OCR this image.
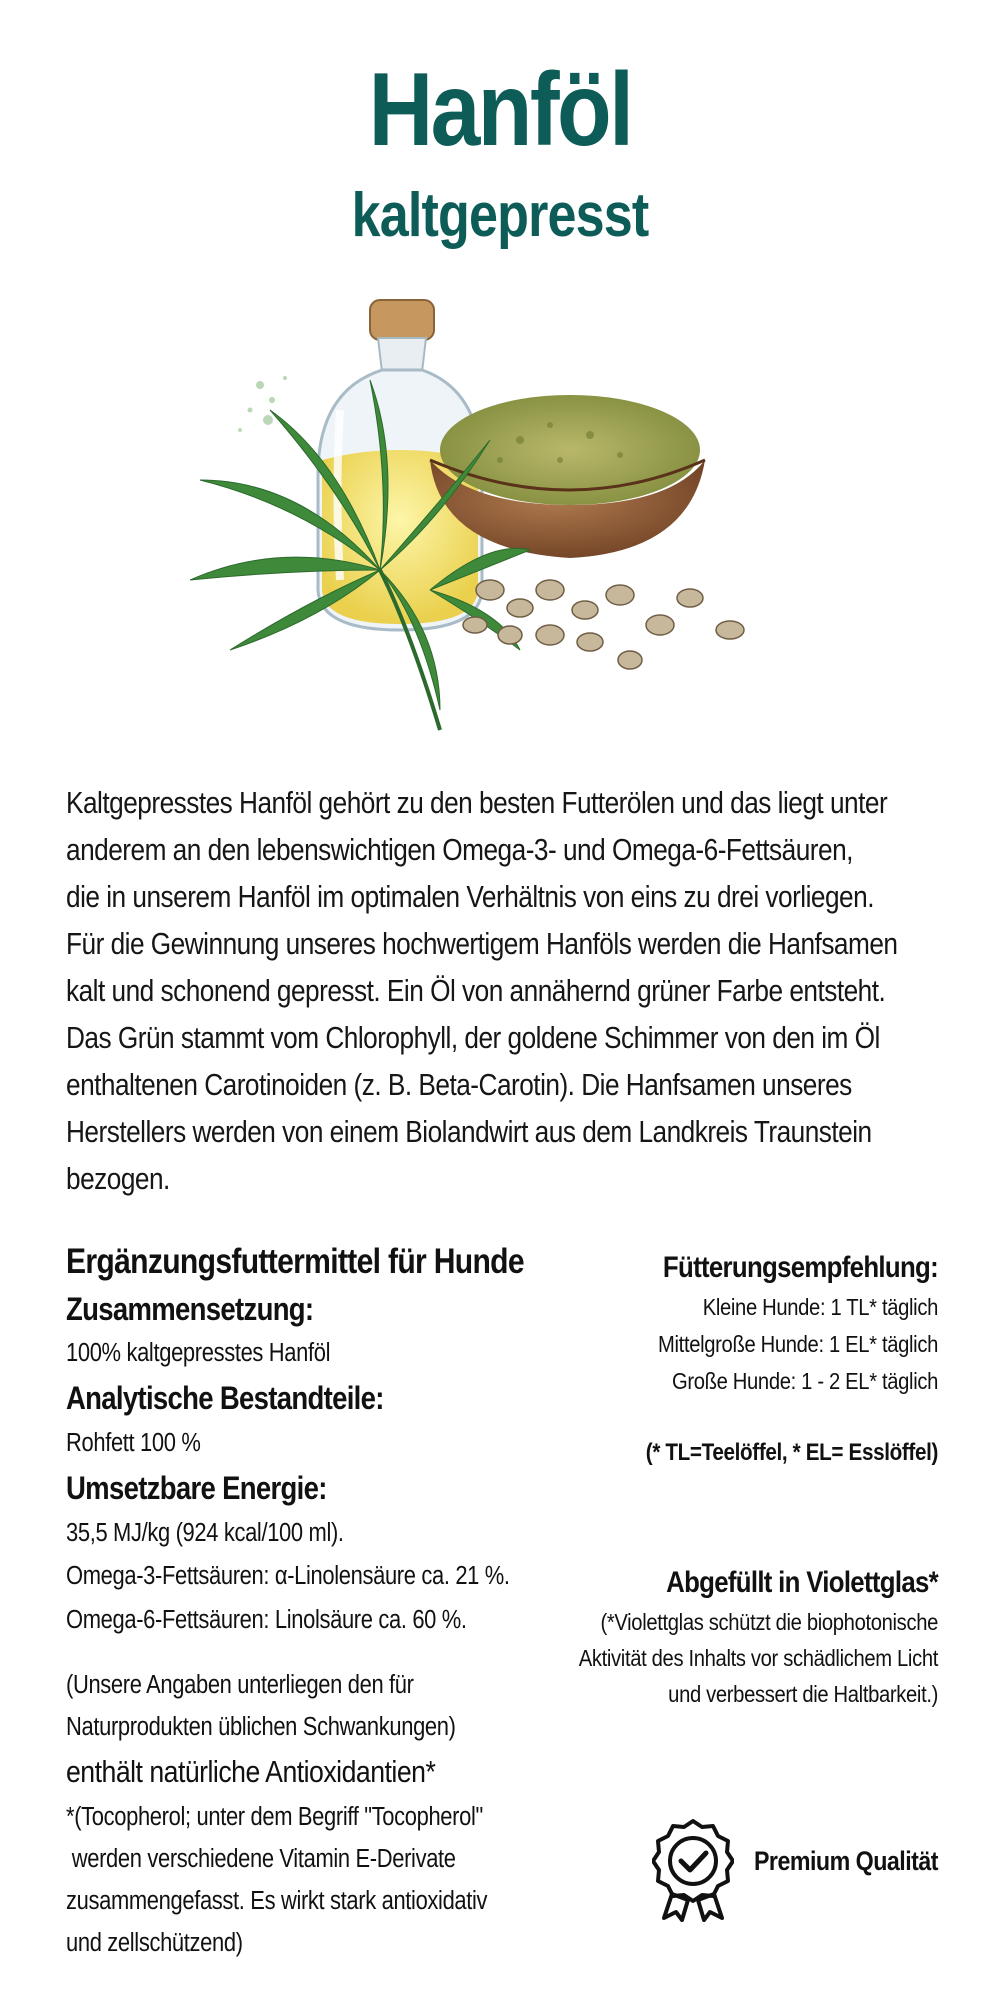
Hanföl
kaltgepresst

Kaltgepresstes Hanföl gehört zu den besten Futterölen und das liegt unter

anderem an den lebenswichtigen Omega-3- und Omega-6-Fettsäuren,

die in unserem Hanföl im optimalen Verhältnis von eins zu drei vorliegen.

Für die Gewinnung unseres hochwertigem Hanföls werden die Hanfsamen

kalt und schonend gepresst. Ein Öl von annähernd grüner Farbe entsteht.

Das Grün stammt vom Chlorophyll, der goldene Schimmer von den im Öl

enthaltenen Carotinoiden (z. B. Beta-Carotin). Die Hanfsamen unseres

Herstellers werden von einem Biolandwirt aus dem Landkreis Traunstein

bezogen.

Ergänzungsfuttermittel für Hunde
Zusammensetzung:
100% kaltgepresstes Hanföl
Analytische Bestandteile:
Rohfett 100 %
Umsetzbare Energie:
35,5 MJ/kg (924 kcal/100 ml).
Omega-3-Fettsäuren: α-Linolensäure ca. 21 %.
Omega-6-Fettsäuren: Linolsäure ca. 60 %.
(Unsere Angaben unterliegen den für
Naturprodukten üblichen Schwankungen)
enthält natürliche Antioxidantien*
*(Tocopherol; unter dem Begriff "Tocopherol"
werden verschiedene Vitamin E-Derivate
zusammengefasst. Es wirkt stark antioxidativ
und zellschützend)
Fütterungsempfehlung:
Kleine Hunde: 1 TL* täglich
Mittelgroße Hunde: 1 EL* täglich
Große Hunde: 1 - 2 EL* täglich
(* TL=Teelöffel, * EL= Esslöffel)
Abgefüllt in Violettglas*
(*Violettglas schützt die biophotonische
Aktivität des Inhalts vor schädlichem Licht
und verbessert die Haltbarkeit.)
Premium Qualität
